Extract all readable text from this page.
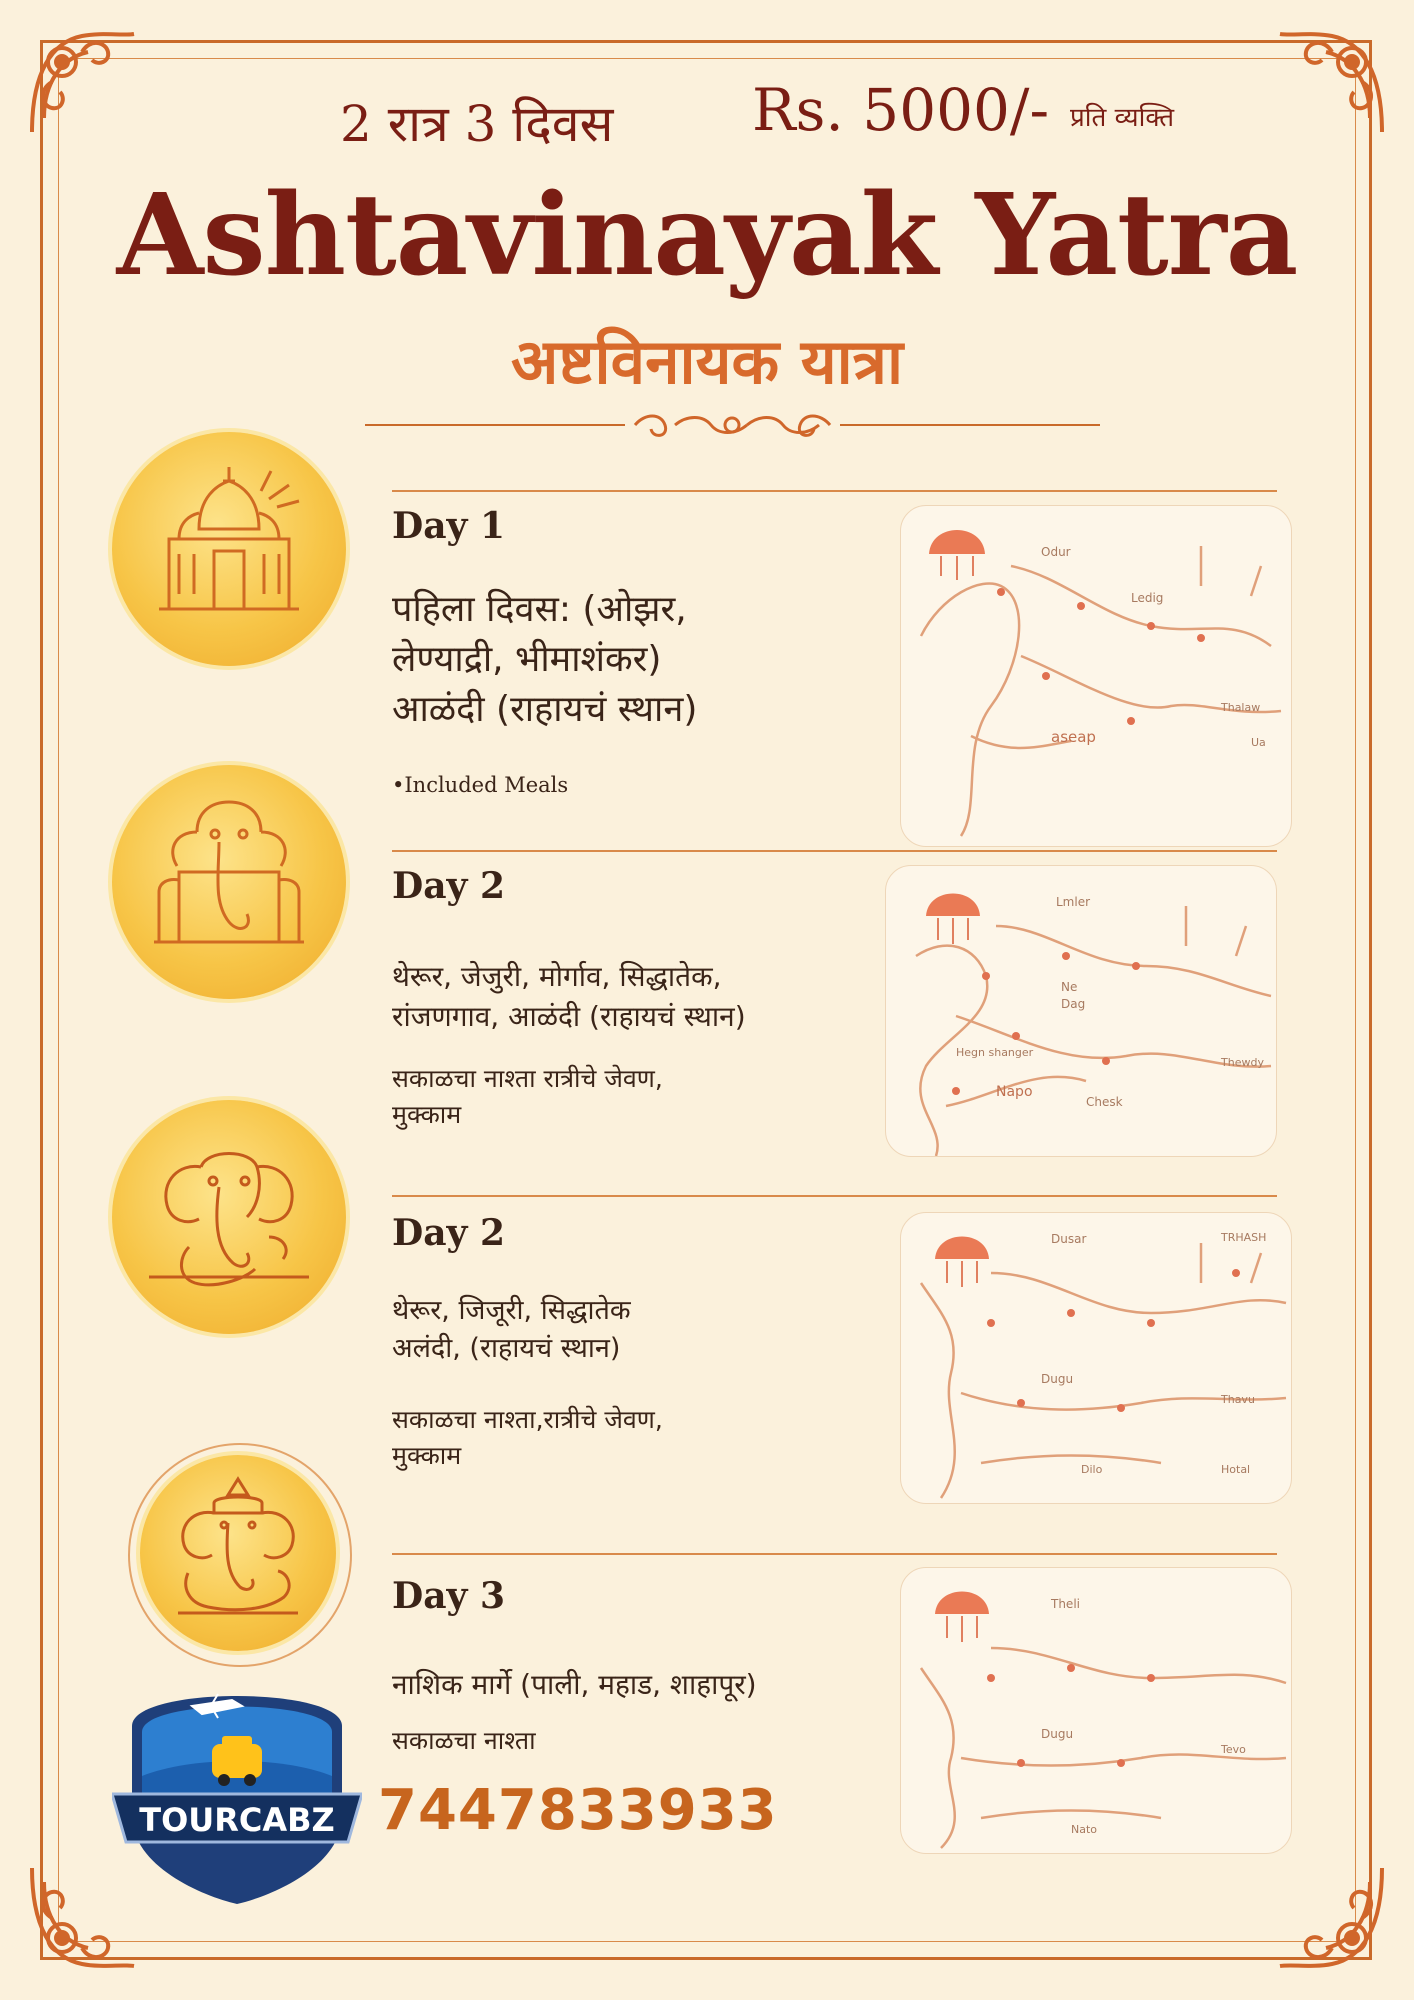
2 रात्र 3 दिवस Rs. 5000/- प्रति व्यक्ति
Ashtavinayak Yatra
अष्टविनायक यात्रा
Day 1
पहिला दिवस: (ओझर,
लेण्याद्री, भीमाशंकर)
आळंदी (राहायचं स्थान)
•Included Meals
Day 2
थेरूर, जेजुरी, मोर्गाव, सिद्धातेक,
रांजणगाव, आळंदी (राहायचं स्थान)
सकाळचा नाश्ता रात्रीचे जेवण,
मुक्काम
Day 2
थेरूर, जिजूरी, सिद्धातेक
अलंदी, (राहायचं स्थान)
सकाळचा नाश्ता,रात्रीचे जेवण,
मुक्काम
Day 3
नाशिक मार्गे (पाली, महाड, शाहापूर)
सकाळचा नाश्ता
Odur
Ledig
Thalaw
Ua
aseap
Lmler
Ne
Dag
Hegn shanger
Thewdy
Chesk
Napo
Dusar	TRHASH
Dugu
Thavu
Dilo	Hotal
Theli
Dugu
Tevo
Nato
TOURCABZ 7447833933
